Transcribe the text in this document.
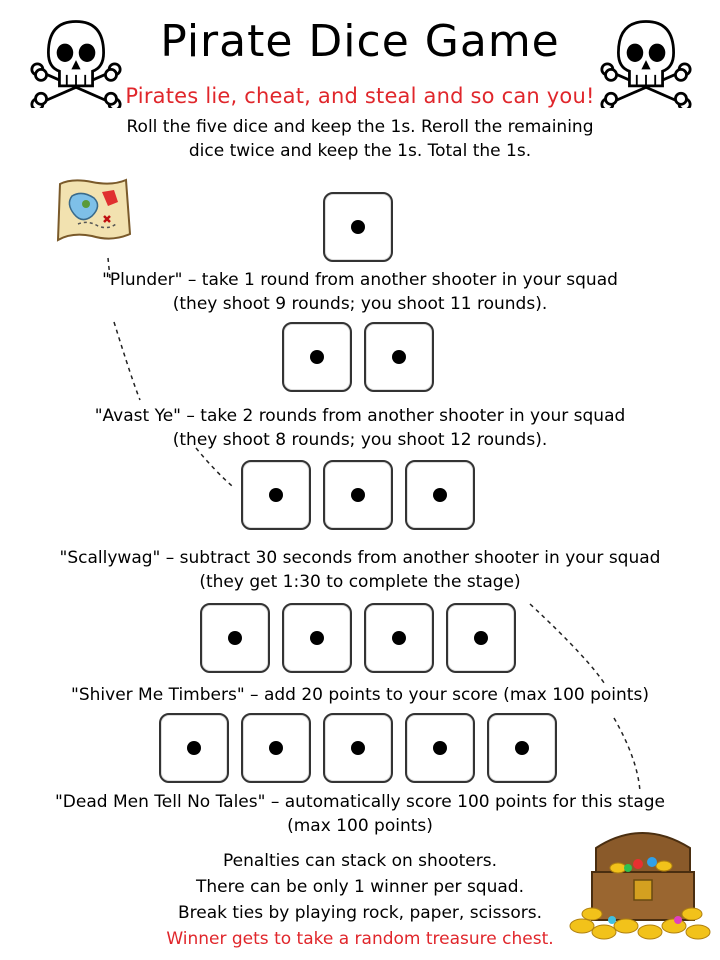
Pirate Dice Game
Pirates lie, cheat, and steal and so can you!
Roll the five dice and keep the 1s. Reroll the remaining
dice twice and keep the 1s. Total the 1s.
"Plunder" – take 1 round from another shooter in your squad
(they shoot 9 rounds; you shoot 11 rounds).
"Avast Ye" – take 2 rounds from another shooter in your squad
(they shoot 8 rounds; you shoot 12 rounds).
"Scallywag" – subtract 30 seconds from another shooter in your squad
(they get 1:30 to complete the stage)
"Shiver Me Timbers" – add 20 points to your score (max 100 points)
"Dead Men Tell No Tales" – automatically score 100 points for this stage
(max 100 points)
Penalties can stack on shooters.
There can be only 1 winner per squad.
Break ties by playing rock, paper, scissors.
Winner gets to take a random treasure chest.
